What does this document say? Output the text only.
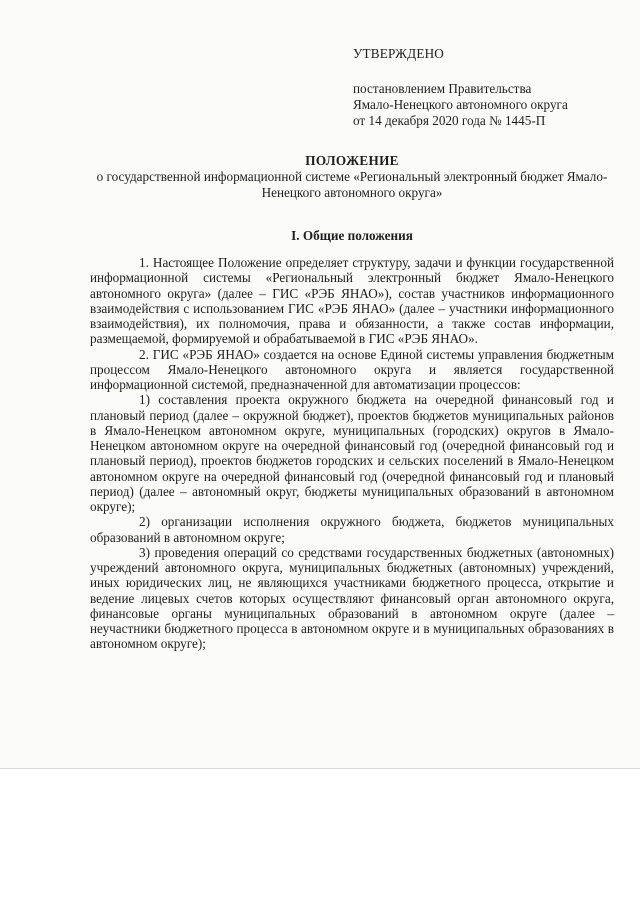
УТВЕРЖДЕНО
постановлением Правительства
Ямало-Ненецкого автономного округа
от 14 декабря 2020 года № 1445-П
ПОЛОЖЕНИЕ
о государственной информационной системе «Региональный электронный бюджет Ямало-Ненецкого автономного округа»
I. Общие положения

1. Настоящее Положение определяет структуру, задачи и функции государственной информационной системы «Региональный электронный бюджет Ямало-Ненецкого автономного округа» (далее – ГИС «РЭБ ЯНАО»), состав участников информационного взаимодействия с использованием ГИС «РЭБ ЯНАО» (далее – участники информационного взаимодействия), их полномочия, права и обязанности, а также состав информации, размещаемой, формируемой и обрабатываемой в ГИС «РЭБ ЯНАО».

2. ГИС «РЭБ ЯНАО» создается на основе Единой системы управления бюджетным процессом Ямало-Ненецкого автономного округа и является государственной информационной системой, предназначенной для автоматизации процессов:

1) составления проекта окружного бюджета на очередной финансовый год и плановый период (далее – окружной бюджет), проектов бюджетов муниципальных районов в Ямало-Ненецком автономном округе, муниципальных (городских) округов в Ямало-Ненецком автономном округе на очередной финансовый год (очередной финансовый год и плановый период), проектов бюджетов городских и сельских поселений в Ямало-Ненецком автономном округе на очередной финансовый год (очередной финансовый год и плановый период) (далее – автономный округ, бюджеты муниципальных образований в автономном округе);

2) организации исполнения окружного бюджета, бюджетов муниципальных образований в автономном округе;

3) проведения операций со средствами государственных бюджетных (автономных) учреждений автономного округа, муниципальных бюджетных (автономных) учреждений, иных юридических лиц, не являющихся участниками бюджетного процесса, открытие и ведение лицевых счетов которых осуществляют финансовый орган автономного округа, финансовые органы муниципальных образований в автономном округе (далее – неучастники бюджетного процесса в автономном округе и в муниципальных образованиях в автономном округе);
